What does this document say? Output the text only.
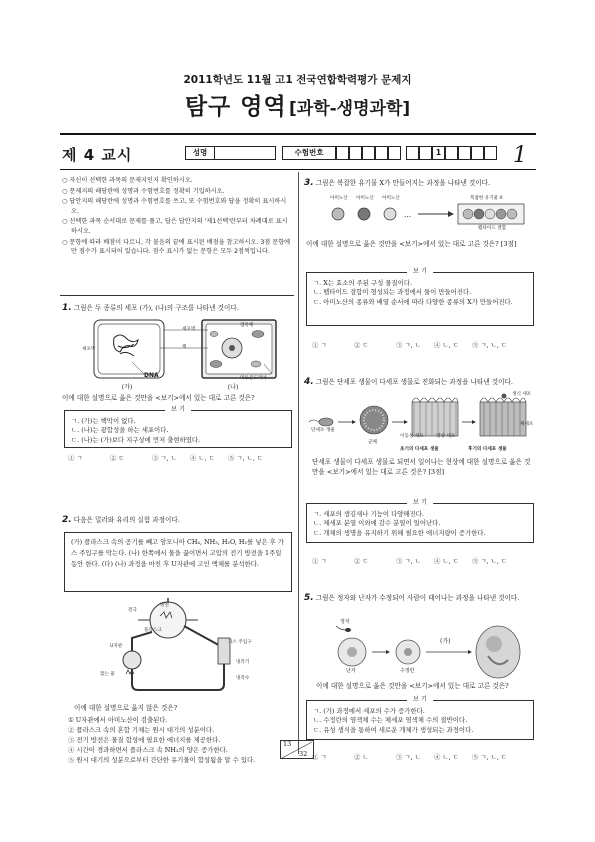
2011학년도 11월 고1 전국연합학력평가 문제지
탐구 영역 [과학-생명과학]
제 4 교시	성명	수험번호	1	1
○ 자신이 선택한 과목의 문제지인지 확인하시오.
○ 문제지의 해당란에 성명과 수험번호를 정확히 기입하시오.
○ 답안지의 해당란에 성명과 수험번호를 쓰고, 또 수험번호와 답을 정확히 표시하시오.
○ 선택한 과목 순서대로 문제를 풀고, 답은 답안지의 '제1선택'란부터 차례대로 표시하시오.
○ 문항에 따라 배점이 다르니, 각 물음의 끝에 표시된 배점을 참고하시오. 3점 문항에만 점수가 표시되어 있습니다. 점수 표시가 없는 문항은 모두 2점씩입니다.
1. 그림은 두 종류의 세포 (가), (나)의 구조를 나타낸 것이다.
세포막
세포벽
핵
DNA
엽록체
미토콘드리아
(가)	(나)
이에 대한 설명으로 옳은 것만을 <보기>에서 있는 대로 고른 것은?
보 기
ㄱ. (가)는 핵막이 없다.
ㄴ. (나)는 광합성을 하는 세포이다.
ㄷ. (나)는 (가)보다 지구상에 먼저 출현하였다.
① ㄱ	② ㄷ	③ ㄱ, ㄴ ④ ㄴ, ㄷ ⑤ ㄱ, ㄴ, ㄷ
2. 다음은 밀러와 유리의 실험 과정이다.
(가) 플라스크 속의 공기를 빼고 암모니아 CH₄, NH₃, H₂O, H₂를 넣은 후 가스 주입구를 막는다. (나) 한쪽에서 물을 끓이면서 고압의 전기 방전을 1주일 동안 한다. (다) (나) 과정을 마친 후 U자관에 고인 액체를 분석한다.
전극
방전
플라스크
가스 주입구
냉각기
냉각수
U자관
끓는 물
이에 대한 설명으로 옳지 않은 것은?
① U자관에서 아미노산이 검출된다.
② 플라스크 속의 혼합 기체는 원시 대기의 성분이다.
③ 전기 방전은 물질 합성에 필요한 에너지를 제공한다.
④ 시간이 경과하면서 플라스크 속 NH₃의 양은 증가한다.
⑤ 원시 대기의 성분으로부터 간단한 유기물이 합성됨을 알 수 있다.
3. 그림은 복잡한 유기물 X가 만들어지는 과정을 나타낸 것이다.
…
아미노산 아미노산 아미노산	복잡한 유기물 X
펩타이드 결합
이에 대한 설명으로 옳은 것만을 <보기>에서 있는 대로 고른 것은? [3점]
보 기
ㄱ. X는 효소의 주된 구성 물질이다.
ㄴ. 펩타이드 결합이 형성되는 과정에서 물이 만들어진다.
ㄷ. 아미노산의 종류와 배열 순서에 따라 다양한 종류의 X가 만들어진다.
① ㄱ	② ㄷ	③ ㄱ, ㄴ ④ ㄴ, ㄷ ⑤ ㄱ, ㄴ, ㄷ
4. 그림은 단세포 생물이 다세포 생물로 진화되는 과정을 나타낸 것이다.
단세포 생물
군체
이동성 세포	영양 세포
초기의 다세포 생물	후기의 다세포 생물
생식 세포
체세포
단세포 생물이 다세포 생물로 되면서 일어나는 현상에 대한 설명으로 옳은 것만을 <보기>에서 있는 대로 고른 것은? [3점]
보 기
ㄱ. 세포의 생김새나 기능이 다양해진다.
ㄴ. 체세포 분열 이외에 감수 분열이 일어난다.
ㄷ. 개체의 생명을 유지하기 위해 필요한 에너지량이 증가한다.
① ㄱ	② ㄷ	③ ㄱ, ㄴ ④ ㄴ, ㄷ ⑤ ㄱ, ㄴ, ㄷ
5. 그림은 정자와 난자가 수정되어 사람이 태어나는 과정을 나타낸 것이다.
정자
난자	수정란
(가)
이에 대한 설명으로 옳은 것만을 <보기>에서 있는 대로 고른 것은?
보 기
ㄱ. (가) 과정에서 세포의 수가 증가한다.
ㄴ. 수정란의 염색체 수는 체세포 염색체 수의 절반이다.
ㄷ. 유성 생식을 통하여 새로운 개체가 생성되는 과정이다.
① ㄱ	② ㄴ	③ ㄱ, ㄴ ④ ㄴ, ㄷ ⑤ ㄱ, ㄴ, ㄷ
13
32
